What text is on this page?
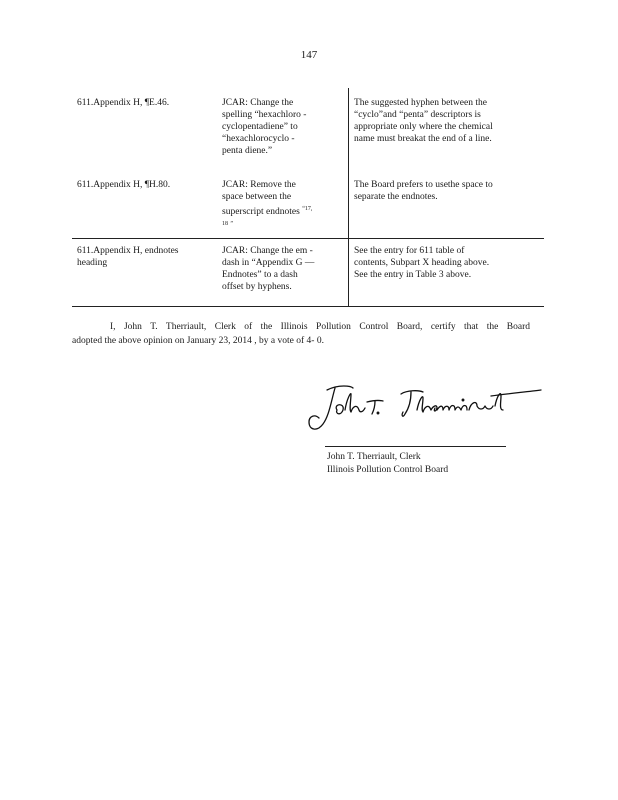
147
611.Appendix H, ¶E.46.	JCAR: Change the
spelling “hexachloro -
cyclopentadiene” to
“hexachlorocyclo -
penta diene.”
The suggested hyphen between the
“cyclo”and “penta” descriptors is
appropriate only where the chemical
name must breakat the end of a line.
611.Appendix H, ¶H.80.	JCAR: Remove the
space between the
superscript endnotes $^{“17,}$
$^{18}$ ”
The Board prefers to usethe space to
separate the endnotes.
611.Appendix H, endnotes
heading
JCAR: Change the em -
dash in “Appendix G —
Endnotes” to a dash
offset by hyphens.
See the entry for 611 table of
contents, Subpart X heading above.
See the entry in Table 3 above.
I, John T. Therriault, Clerk of the Illinois Pollution Control Board, certify that the Board
adopted the above opinion on January 23, 2014 , by a vote of 4- 0.
John T. Therriault, Clerk
Illinois Pollution Control Board
